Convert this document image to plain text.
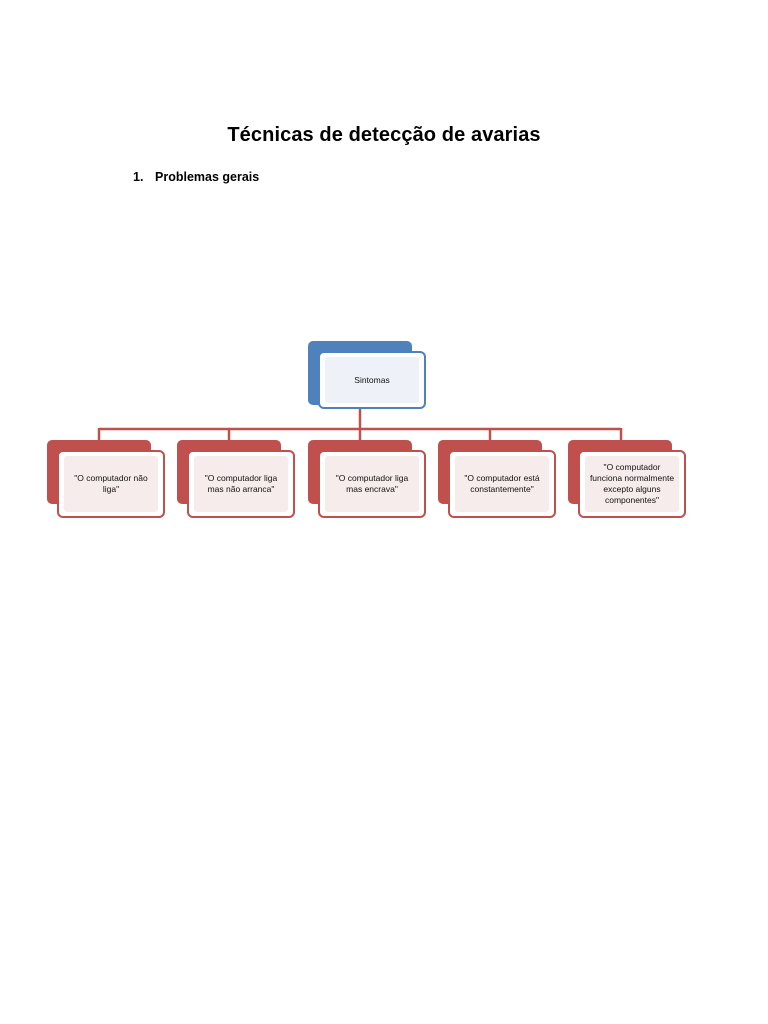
Técnicas de detecção de avarias
1. Problemas gerais
Sintomas
"O computador não liga"
"O computador liga mas não arranca"
"O computador liga mas encrava"
"O computador está constantemente"
"O computador funciona normalmente excepto alguns componentes"
